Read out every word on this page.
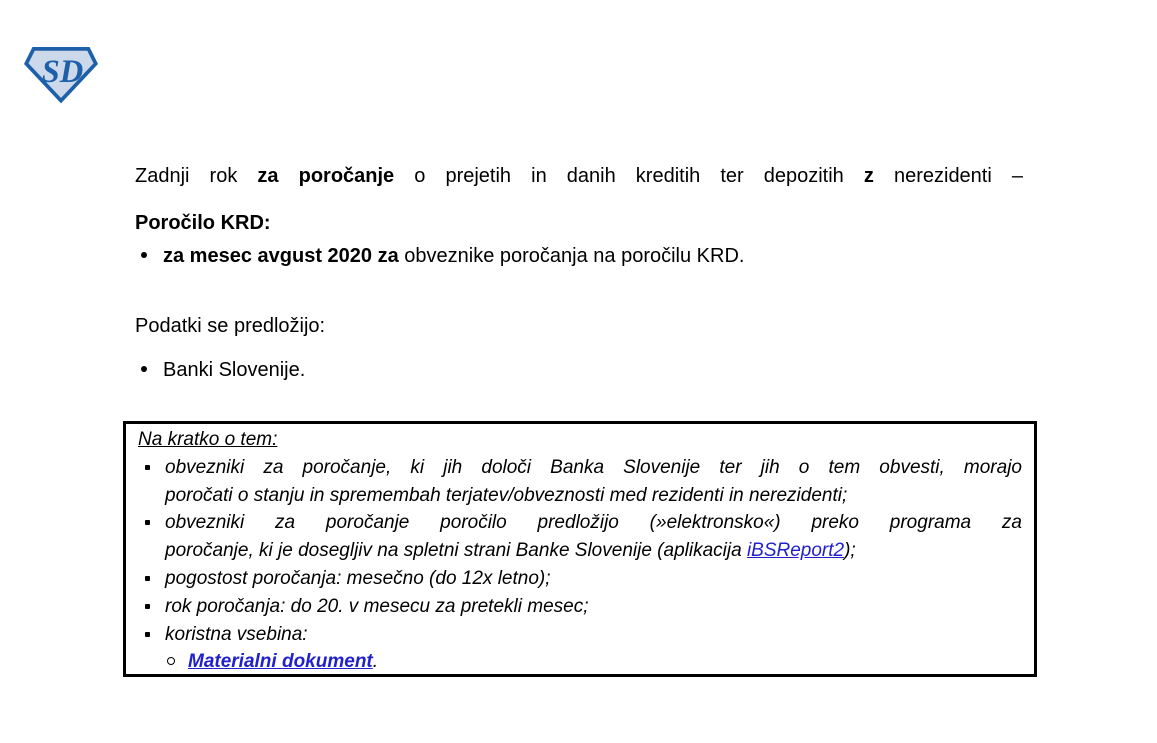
SD
Zadnji rok za poročanje o prejetih in danih kreditih ter depozitih z nerezidenti –
Poročilo KRD:
za mesec avgust 2020 za obveznike poročanja na poročilu KRD.
Podatki se predložijo:
Banki Slovenije.
Na kratko o tem:
obvezniki za poročanje, ki jih določi Banka Slovenije ter jih o tem obvesti, morajo
poročati o stanju in spremembah terjatev/obveznosti med rezidenti in nerezidenti;
obvezniki za poročanje poročilo predložijo (»elektronsko«) preko programa za
poročanje, ki je dosegljiv na spletni strani Banke Slovenije (aplikacija iBSReport2);
pogostost poročanja: mesečno (do 12x letno);
rok poročanja: do 20. v mesecu za pretekli mesec;
koristna vsebina:
Materialni dokument.
